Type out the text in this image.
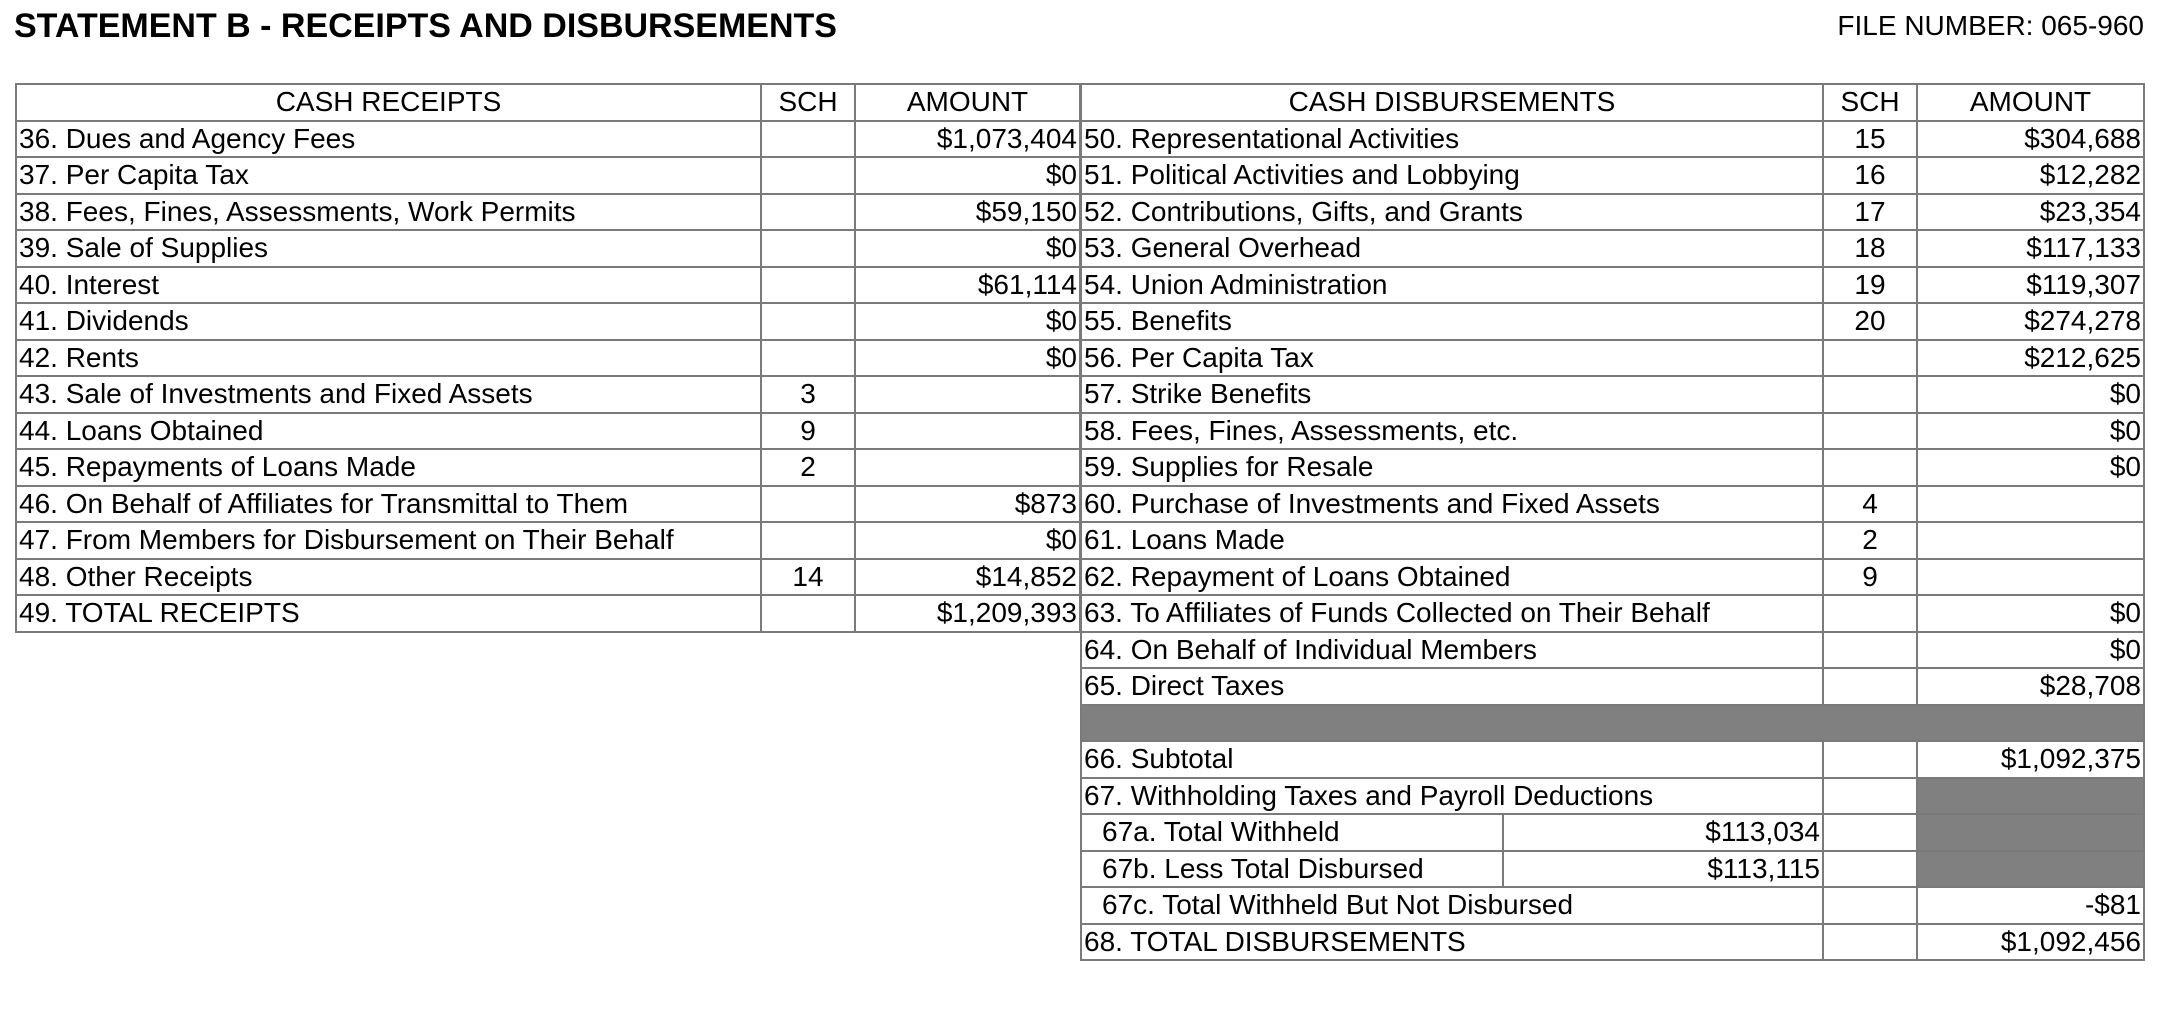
STATEMENT B - RECEIPTS AND DISBURSEMENTS	FILE NUMBER: 065-960
CASH RECEIPTS	SCH	AMOUNT
36. Dues and Agency Fees		$1,073,404
37. Per Capita Tax		$0
38. Fees, Fines, Assessments, Work Permits		$59,150
39. Sale of Supplies		$0
40. Interest		$61,114
41. Dividends		$0
42. Rents		$0
43. Sale of Investments and Fixed Assets	3	
44. Loans Obtained	9	
45. Repayments of Loans Made	2	
46. On Behalf of Affiliates for Transmittal to Them		$873
47. From Members for Disbursement on Their Behalf		$0
48. Other Receipts	14	$14,852
49. TOTAL RECEIPTS		$1,209,393
CASH DISBURSEMENTS		SCH	AMOUNT
50. Representational Activities		15	$304,688
51. Political Activities and Lobbying		16	$12,282
52. Contributions, Gifts, and Grants		17	$23,354
53. General Overhead		18	$117,133
54. Union Administration		19	$119,307
55. Benefits		20	$274,278
56. Per Capita Tax			$212,625
57. Strike Benefits			$0
58. Fees, Fines, Assessments, etc.			$0
59. Supplies for Resale			$0
60. Purchase of Investments and Fixed Assets		4	
61. Loans Made		2	
62. Repayment of Loans Obtained		9	
63. To Affiliates of Funds Collected on Their Behalf			$0
64. On Behalf of Individual Members			$0
65. Direct Taxes			$28,708

66. Subtotal			$1,092,375
67. Withholding Taxes and Payroll Deductions			
67a. Total Withheld	$113,034		
67b. Less Total Disbursed	$113,115		
67c. Total Withheld But Not Disbursed			-$81
68. TOTAL DISBURSEMENTS			$1,092,456
